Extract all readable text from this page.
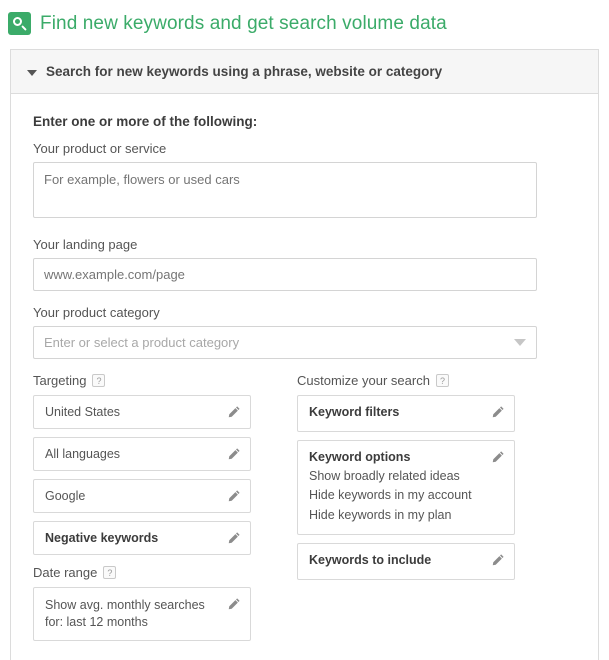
Find new keywords and get search volume data
Search for new keywords using a phrase, website or category
Enter one or more of the following:
Your product or service
For example, flowers or used cars
Your landing page
www.example.com/page
Your product category
Enter or select a product category
Targeting	?
United States
All languages
Google
Negative keywords
Date range	?
Show avg. monthly searches for: last 12 months
Customize your search	?
Keyword filters
Keyword options
Show broadly related ideas
Hide keywords in my account
Hide keywords in my plan
Keywords to include
